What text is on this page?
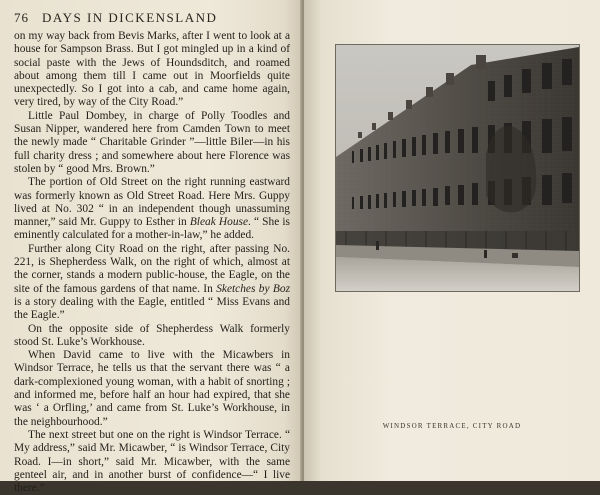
76 DAYS IN DICKENSLAND

on my way back from Bevis Marks, after I went to look at a house for Sampson Brass. But I got mingled up in a kind of social paste with the Jews of Houndsditch, and roamed about among them till I came out in Moorfields quite unexpectedly. So I got into a cab, and came home again, very tired, by way of the City Road.”

Little Paul Dombey, in charge of Polly Toodles and Susan Nipper, wandered here from Camden Town to meet the newly made “ Charitable Grinder ”—little Biler—in his full charity dress ; and somewhere about here Florence was stolen by “ good Mrs. Brown.”

The portion of Old Street on the right running eastward was formerly known as Old Street Road. Here Mrs. Guppy lived at No. 302 “ in an independent though unassuming manner,” said Mr. Guppy to Esther in Bleak House. “ She is eminently calculated for a mother-in-law,” he added.

Further along City Road on the right, after passing No. 221, is Shepherdess Walk, on the right of which, almost at the corner, stands a modern public-house, the Eagle, on the site of the famous gardens of that name. In Sketches by Boz is a story dealing with the Eagle, entitled “ Miss Evans and the Eagle.”

On the opposite side of Shepherdess Walk formerly stood St. Luke’s Workhouse.

When David came to live with the Micawbers in Windsor Terrace, he tells us that the servant there was “ a dark-complexioned young woman, with a habit of snorting ; and informed me, before half an hour had expired, that she was ‘ a Orfling,’ and came from St. Luke’s Workhouse, in the neighbourhood.”

The next street but one on the right is Windsor Terrace. “ My address,” said Mr. Micawber, “ is Windsor Terrace, City Road. I—in short,” said Mr. Micawber, with the same genteel air, and in another burst of confidence—“ I live there.”

WINDSOR TERRACE, CITY ROAD
